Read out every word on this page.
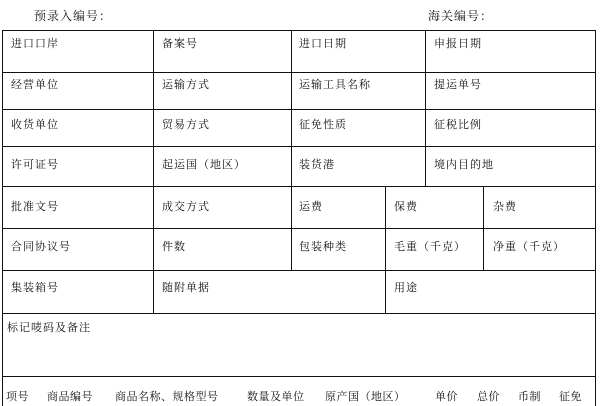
预录入编号：	海关编号：
进口口岸	备案号	进口日期	申报日期
经营单位	运输方式	运输工具名称	提运单号
收货单位	贸易方式	征免性质	征税比例
许可证号	起运国（地区）	装货港	境内目的地
批准文号	成交方式	运费	保费	杂费
合同协议号	件数	包装种类	毛重（千克） 净重（千克）
集装箱号	随附单据	用途
标记唛码及备注
项号 商品编号 商品名称、规格型号	数量及单位 原产国（地区）	单价 总价 币制 征免
